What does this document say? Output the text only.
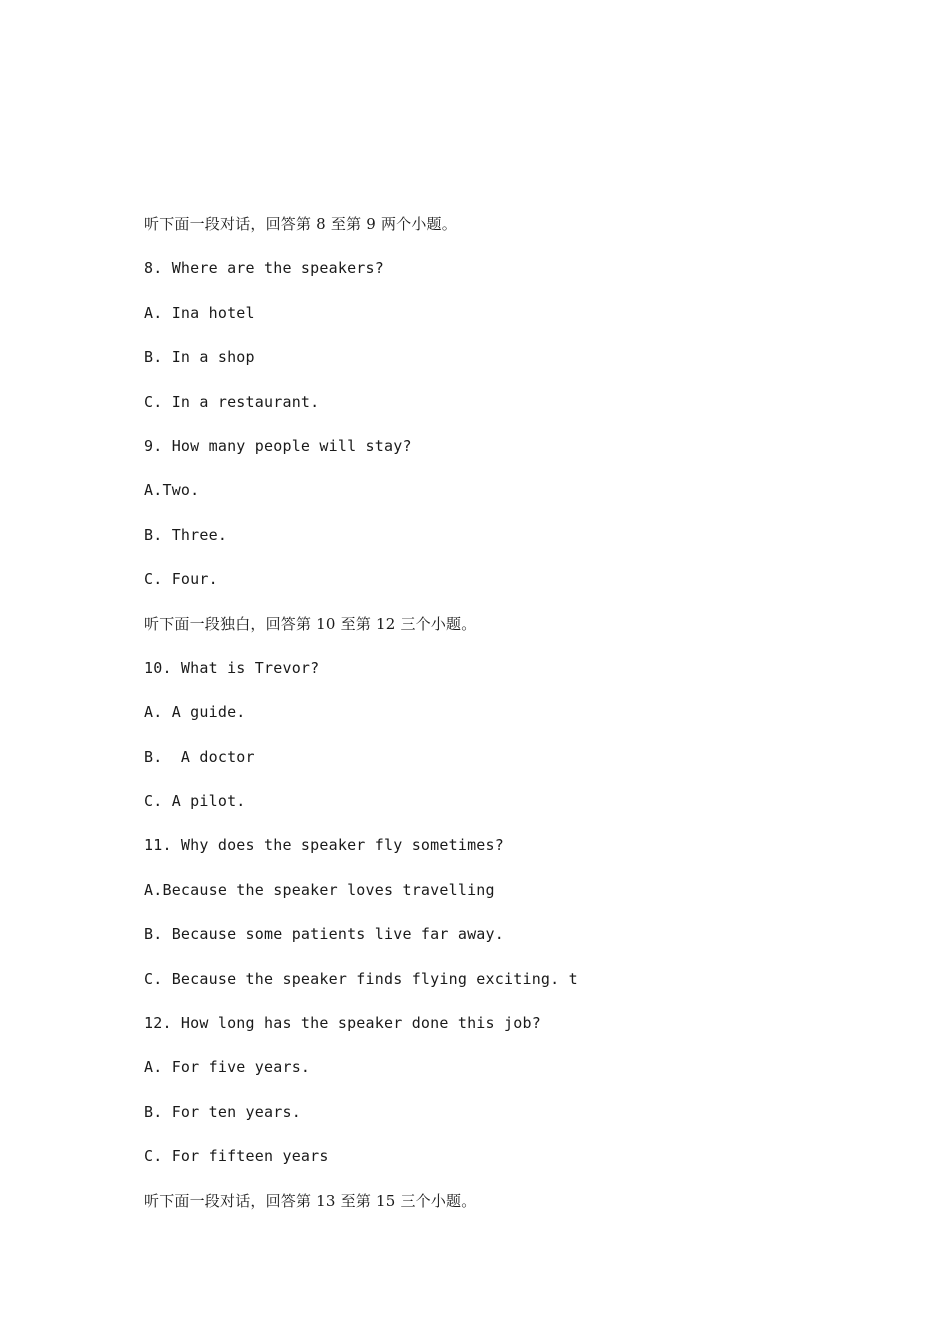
听下面一段对话，回答第 8 至第 9 两个小题。
8. Where are the speakers?
A. Ina hotel
B. In a shop
C. In a restaurant.
9. How many people will stay?
A.Two.
B. Three.
C. Four.
听下面一段独白，回答第 10 至第 12 三个小题。
10. What is Trevor?
A. A guide.
B.  A doctor
C. A pilot.
11. Why does the speaker fly sometimes?
A.Because the speaker loves travelling
B. Because some patients live far away.
C. Because the speaker finds flying exciting. t
12. How long has the speaker done this job?
A. For five years.
B. For ten years.
C. For fifteen years
听下面一段对话，回答第 13 至第 15 三个小题。
